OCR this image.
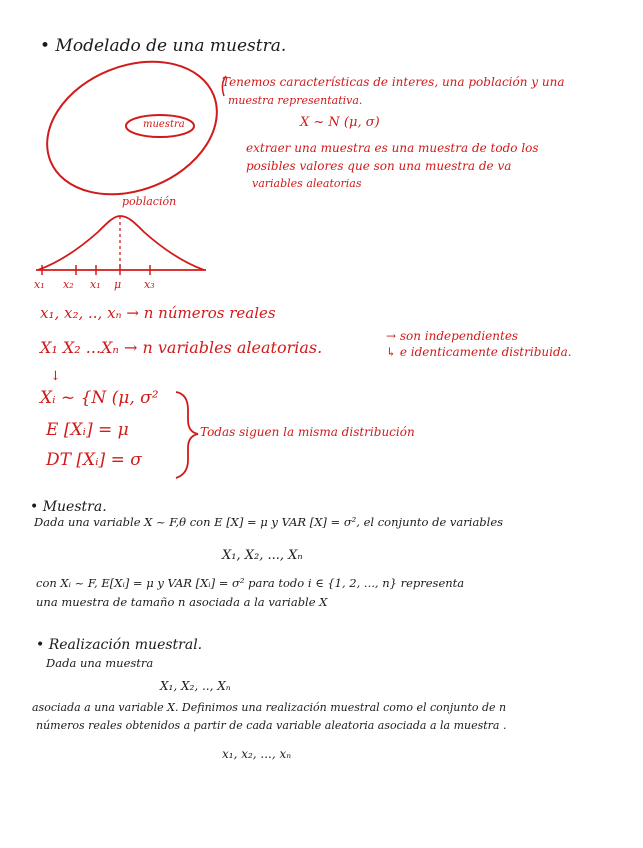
• Modelado de una muestra.
muestra
población
Tenemos características de interes, una población y una
muestra representativa.
X ~ N (μ, σ)
extraer una muestra es una muestra de todo los
posibles valores que son una muestra de va
variables aleatorias
x₁ x₂ x₁ μ x₃
x₁, x₂, .., xₙ → n números reales
X₁ X₂ ...Xₙ → n variables aleatorias.
→ son independientes
↳ e identicamente distribuida.
↓
Xᵢ ~ {N (μ, σ²
E [Xᵢ] = μ
DT [Xᵢ] = σ
Todas siguen la misma distribución
• Muestra.
Dada una variable X ~ F,θ con E [X] = μ y VAR [X] = σ², el conjunto de variables
X₁, X₂, ..., Xₙ
con Xᵢ ~ F, E[Xᵢ] = μ y VAR [Xᵢ] = σ² para todo i ∈ {1, 2, ..., n} representa
una muestra de tamaño n asociada a la variable X
• Realización muestral.
Dada una muestra
X₁, X₂, .., Xₙ
asociada a una variable X. Definimos una realización muestral como el conjunto de n
números reales obtenidos a partir de cada variable aleatoria asociada a la muestra .
x₁, x₂, ..., xₙ
